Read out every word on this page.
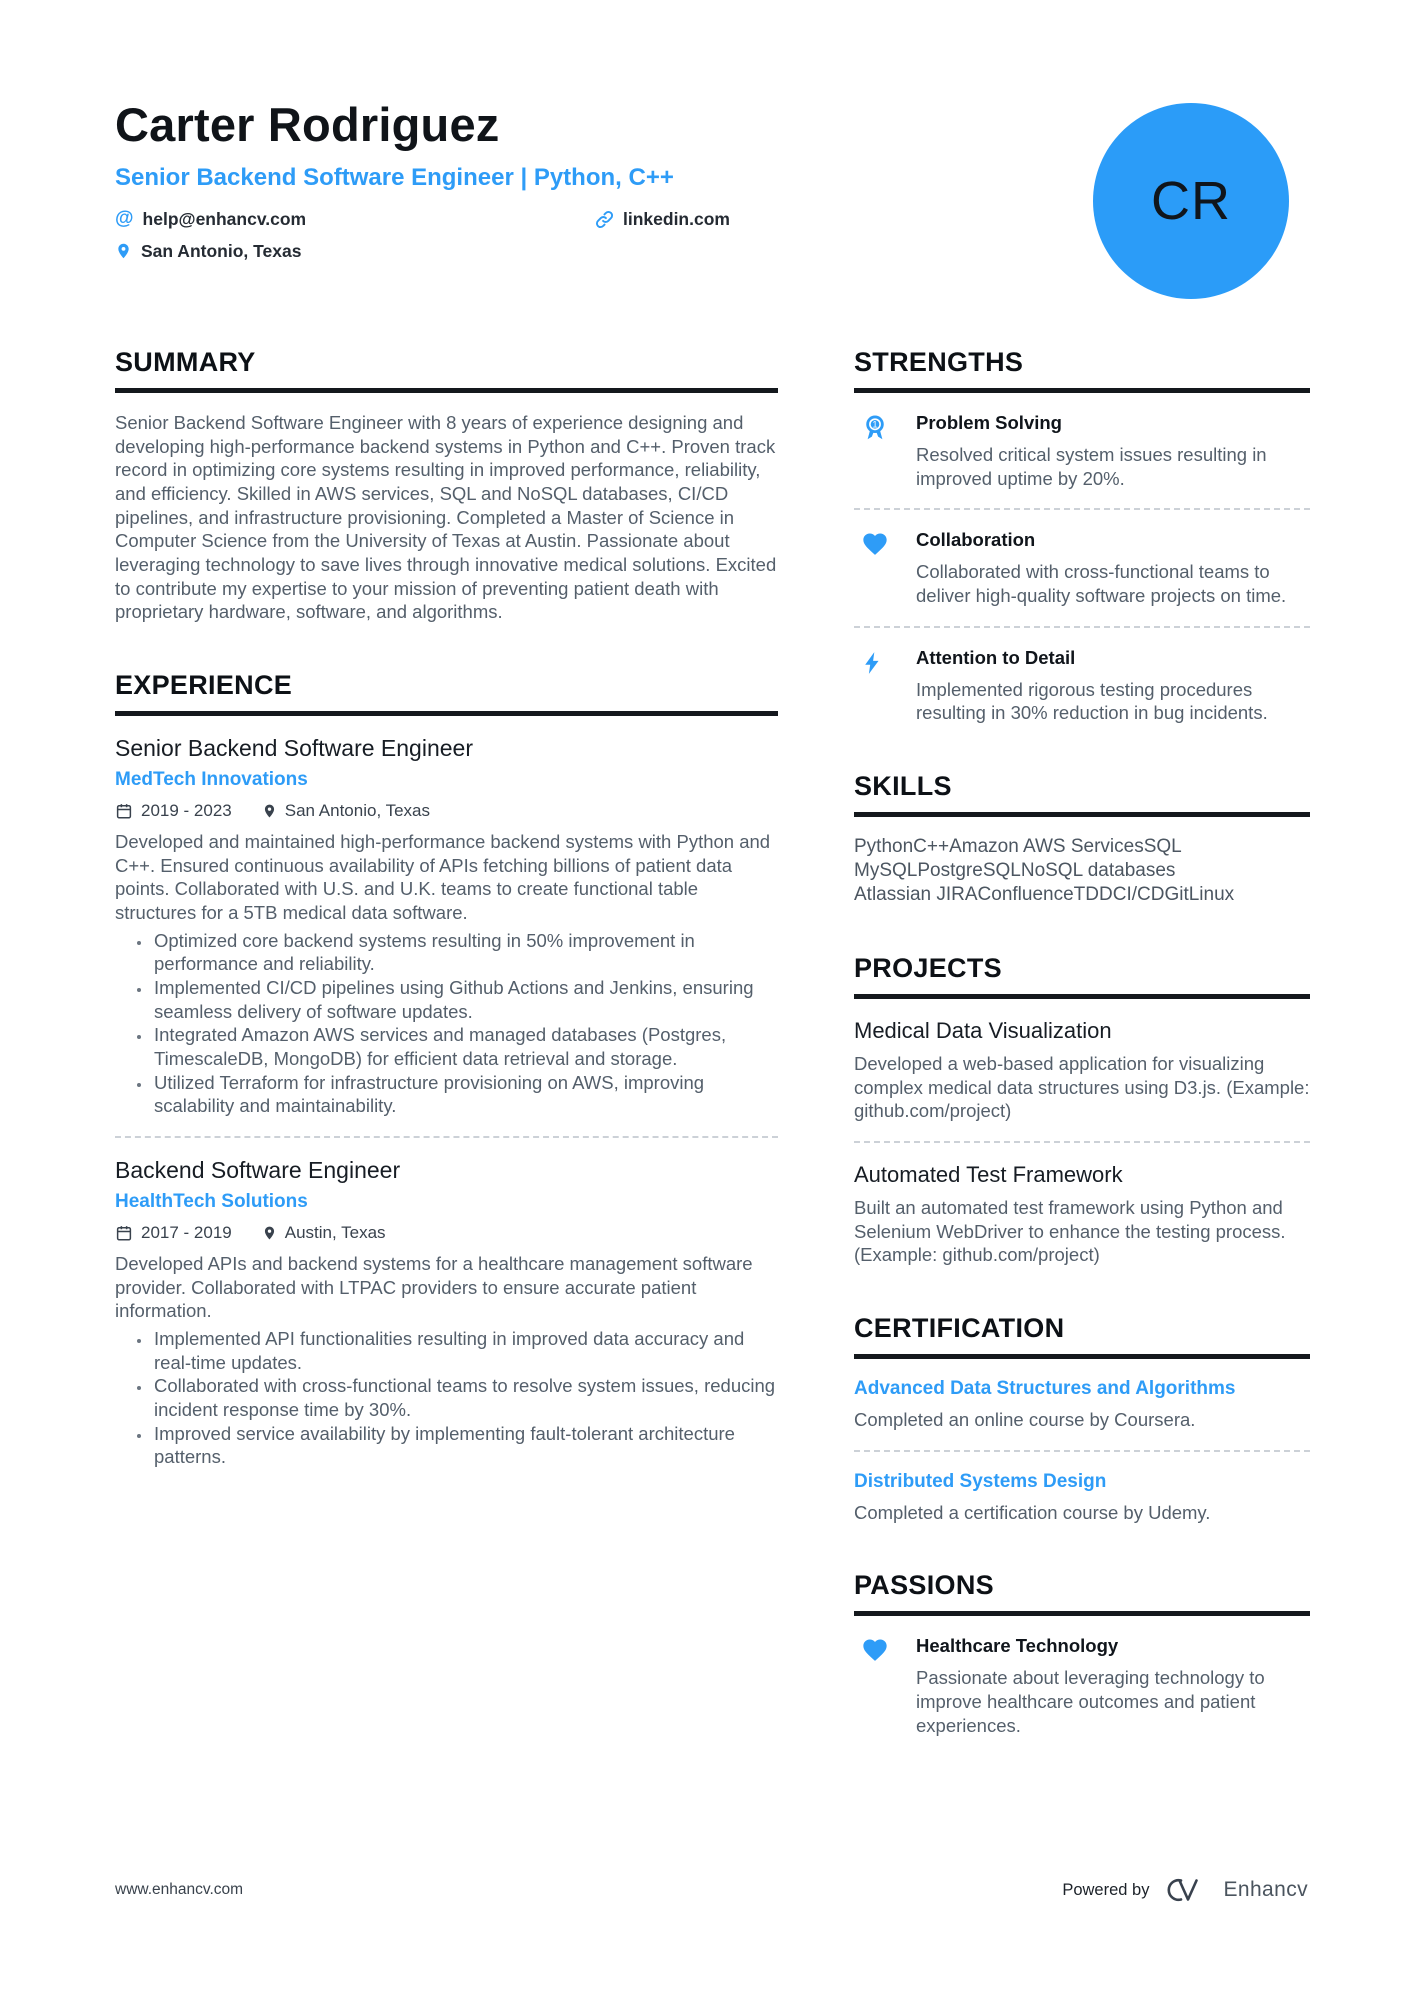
Carter Rodriguez
Senior Backend Software Engineer | Python, C++
@ help@enhancv.com	linkedin.com
San Antonio, Texas
CR
SUMMARY

Senior Backend Software Engineer with 8 years of experience designing and developing high-performance backend systems in Python and C++. Proven track record in optimizing core systems resulting in improved performance, reliability, and efficiency. Skilled in AWS services, SQL and NoSQL databases, CI/CD pipelines, and infrastructure provisioning. Completed a Master of Science in Computer Science from the University of Texas at Austin. Passionate about leveraging technology to save lives through innovative medical solutions. Excited to contribute my expertise to your mission of preventing patient death with proprietary hardware, software, and algorithms.

EXPERIENCE
Senior Backend Software Engineer
MedTech Innovations
2019 - 2023	San Antonio, Texas

Developed and maintained high-performance backend systems with Python and C++. Ensured continuous availability of APIs fetching billions of patient data points. Collaborated with U.S. and U.K. teams to create functional table structures for a 5TB medical data software.

• Optimized core backend systems resulting in 50% improvement in performance and reliability.
• Implemented CI/CD pipelines using Github Actions and Jenkins, ensuring seamless delivery of software updates.
• Integrated Amazon AWS services and managed databases (Postgres, TimescaleDB, MongoDB) for efficient data retrieval and storage.
• Utilized Terraform for infrastructure provisioning on AWS, improving scalability and maintainability.
Backend Software Engineer
HealthTech Solutions
2017 - 2019	Austin, Texas

Developed APIs and backend systems for a healthcare management software provider. Collaborated with LTPAC providers to ensure accurate patient information.

• Implemented API functionalities resulting in improved data accuracy and real-time updates.
• Collaborated with cross-functional teams to resolve system issues, reducing incident response time by 30%.
• Improved service availability by implementing fault-tolerant architecture patterns.
STRENGTHS
1 Problem Solving
Resolved critical system issues resulting in improved uptime by 20%.
Collaboration
Collaborated with cross-functional teams to deliver high-quality software projects on time.
Attention to Detail
Implemented rigorous testing procedures resulting in 30% reduction in bug incidents.
SKILLS
PythonC++Amazon AWS ServicesSQL
MySQLPostgreSQLNoSQL databases
Atlassian JIRAConfluenceTDDCI/CDGitLinux
PROJECTS
Medical Data Visualization
Developed a web-based application for visualizing complex medical data structures using D3.js. (Example: github.com/project)
Automated Test Framework
Built an automated test framework using Python and Selenium WebDriver to enhance the testing process. (Example: github.com/project)
CERTIFICATION
Advanced Data Structures and Algorithms
Completed an online course by Coursera.
Distributed Systems Design
Completed a certification course by Udemy.
PASSIONS
Healthcare Technology
Passionate about leveraging technology to improve healthcare outcomes and patient experiences.
www.enhancv.com	Powered by	Enhancv
